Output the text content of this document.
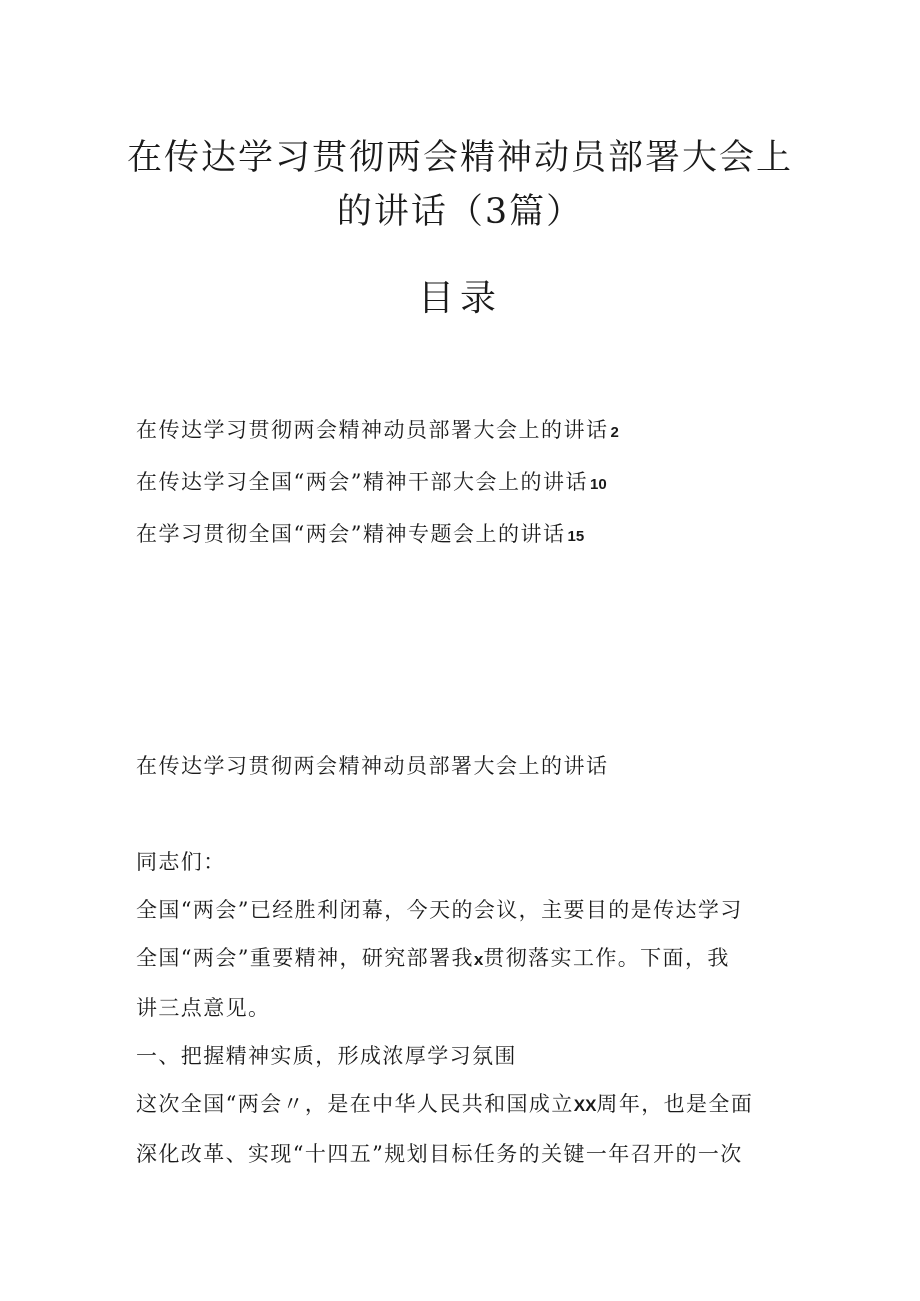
在传达学习贯彻两会精神动员部署大会上
的讲话（3篇）
目录
在传达学习贯彻两会精神动员部署大会上的讲话 2
在传达学习全国“两会”精神干部大会上的讲话 10
在学习贯彻全国“两会”精神专题会上的讲话 15
在传达学习贯彻两会精神动员部署大会上的讲话

同志们：

全国“两会”已经胜利闭幕，今天的会议，主要目的是传达学习

全国“两会”重要精神，研究部署我x贯彻落实工作。下面，我

讲三点意见。

一、把握精神实质，形成浓厚学习氛围

这次全国“两会〃，是在中华人民共和国成立XX周年，也是全面

深化改革、实现“十四五”规划目标任务的关键一年召开的一次
